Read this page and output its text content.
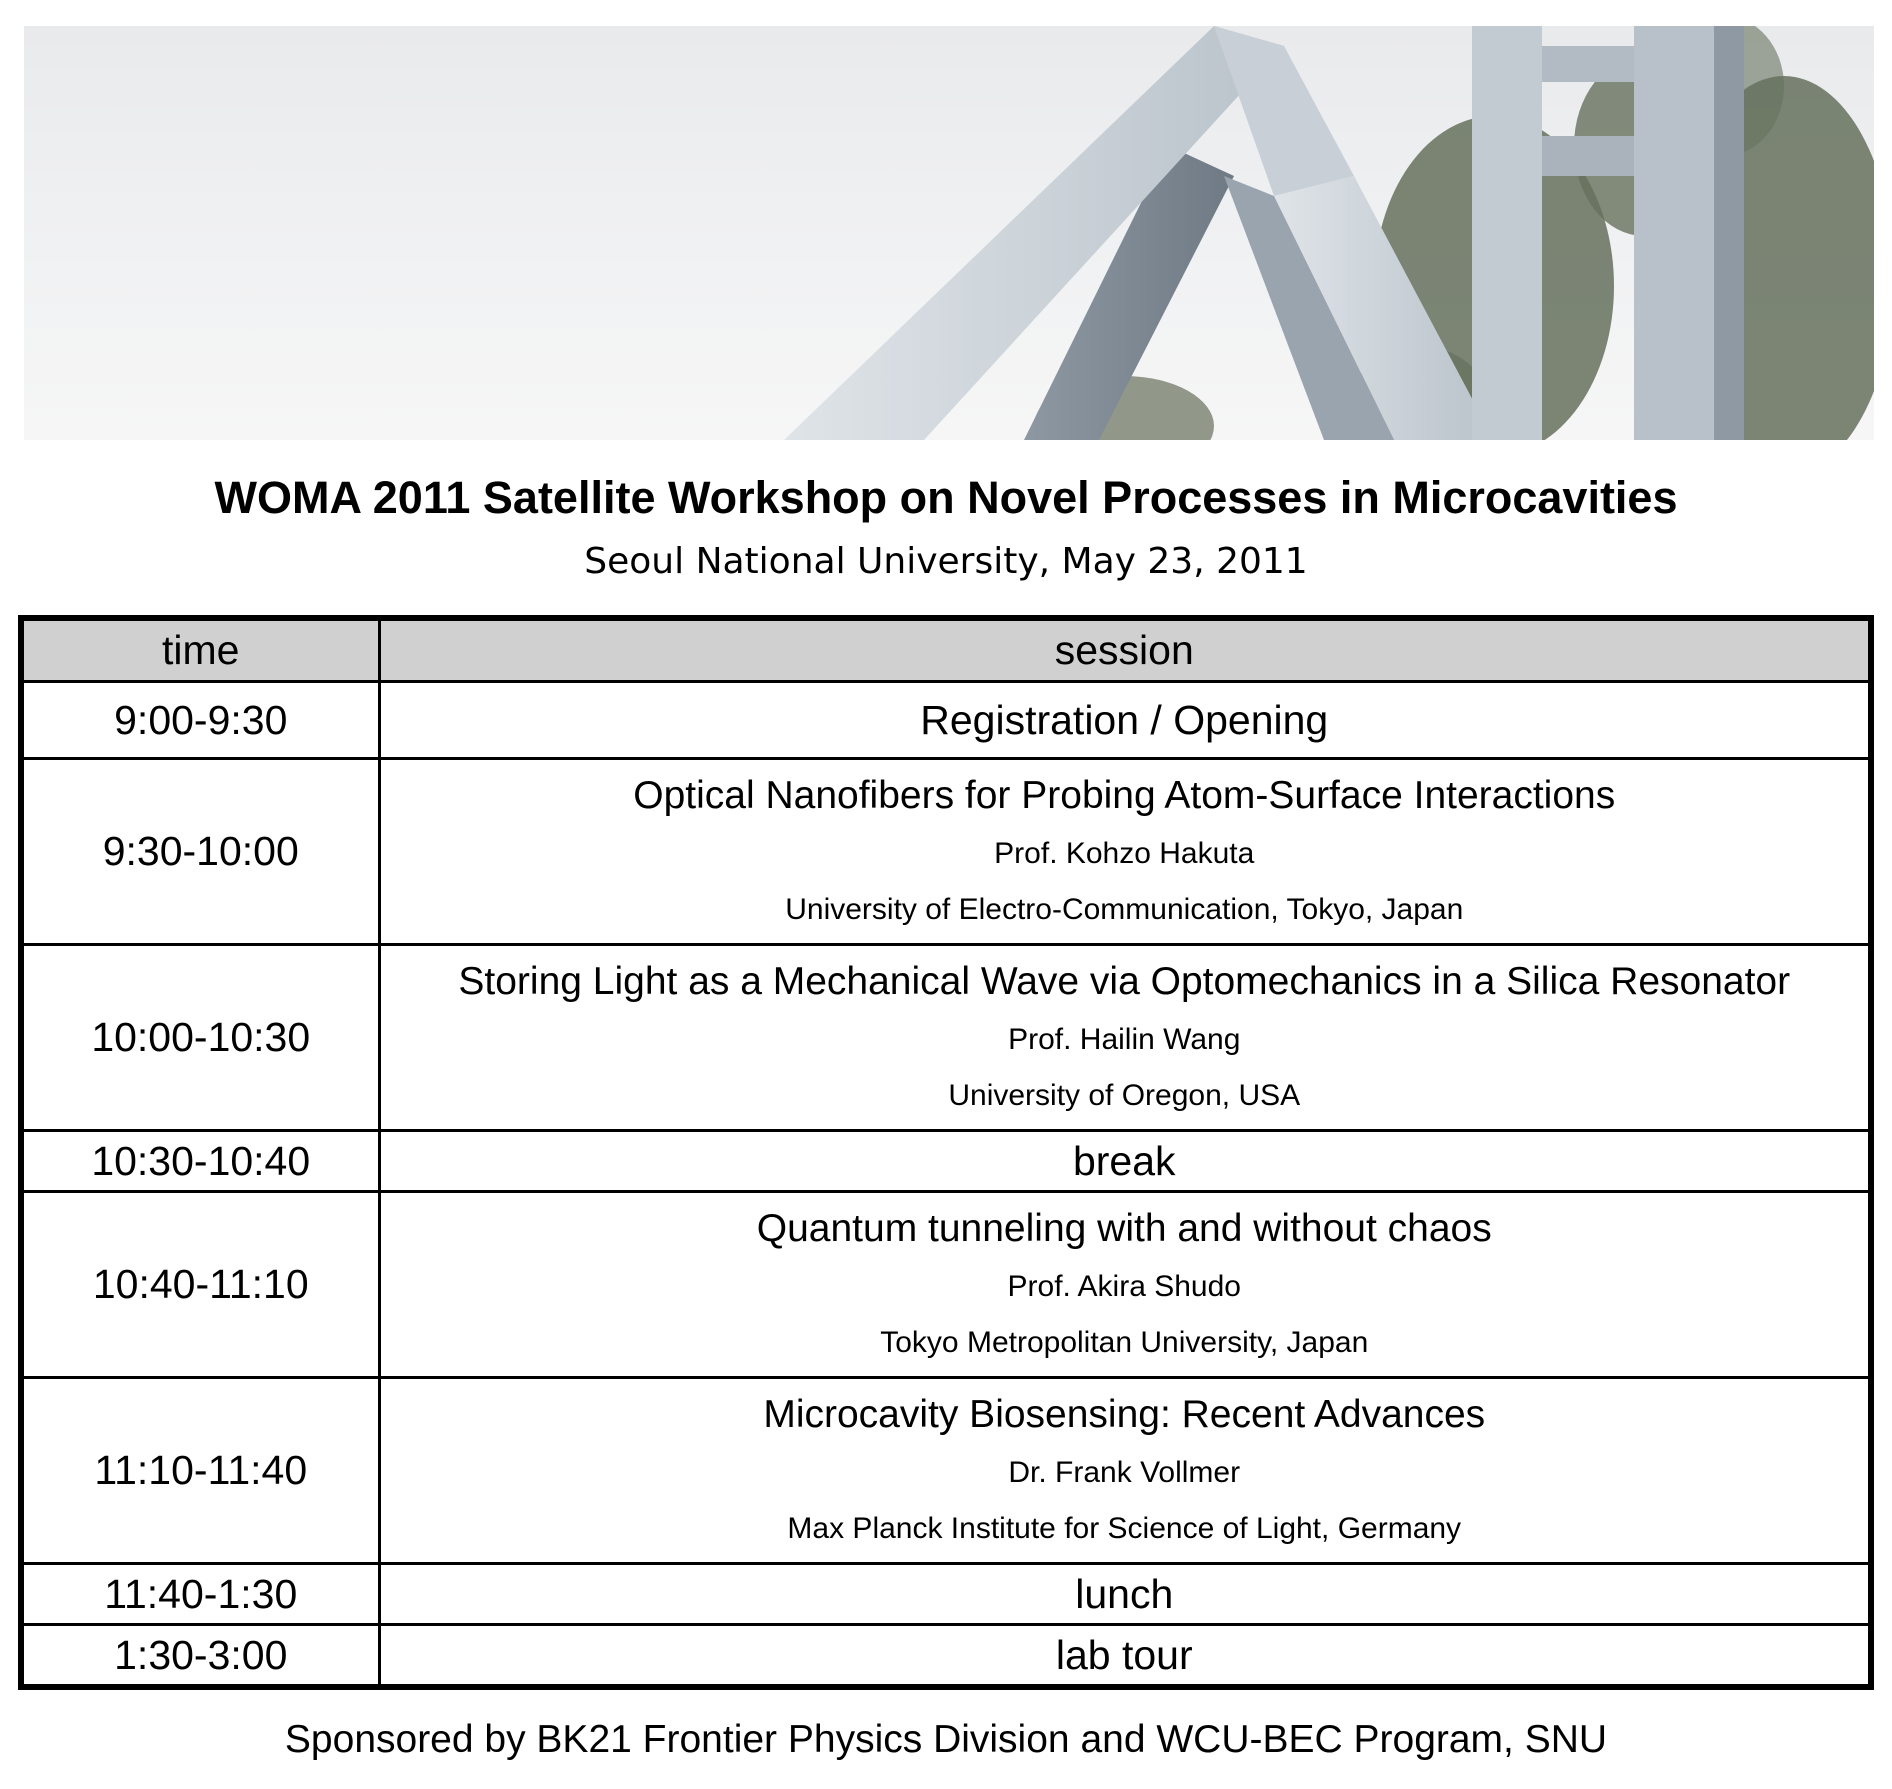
WOMA 2011 Satellite Workshop on Novel Processes in Microcavities
Seoul National University, May 23, 2011
time	session
9:00-9:30	Registration / Opening
9:30-10:00	Optical Nanofibers for Probing Atom-Surface Interactions
Prof. Kohzo Hakuta
University of Electro-Communication, Tokyo, Japan

10:00-10:30	Storing Light as a Mechanical Wave via Optomechanics in a Silica Resonator
Prof. Hailin Wang
University of Oregon, USA

10:30-10:40	break
10:40-11:10	Quantum tunneling with and without chaos
Prof. Akira Shudo
Tokyo Metropolitan University, Japan

11:10-11:40	Microcavity Biosensing: Recent Advances
Dr. Frank Vollmer
Max Planck Institute for Science of Light, Germany

11:40-1:30	lunch
1:30-3:00	lab tour
Sponsored by BK21 Frontier Physics Division and WCU-BEC Program, SNU
